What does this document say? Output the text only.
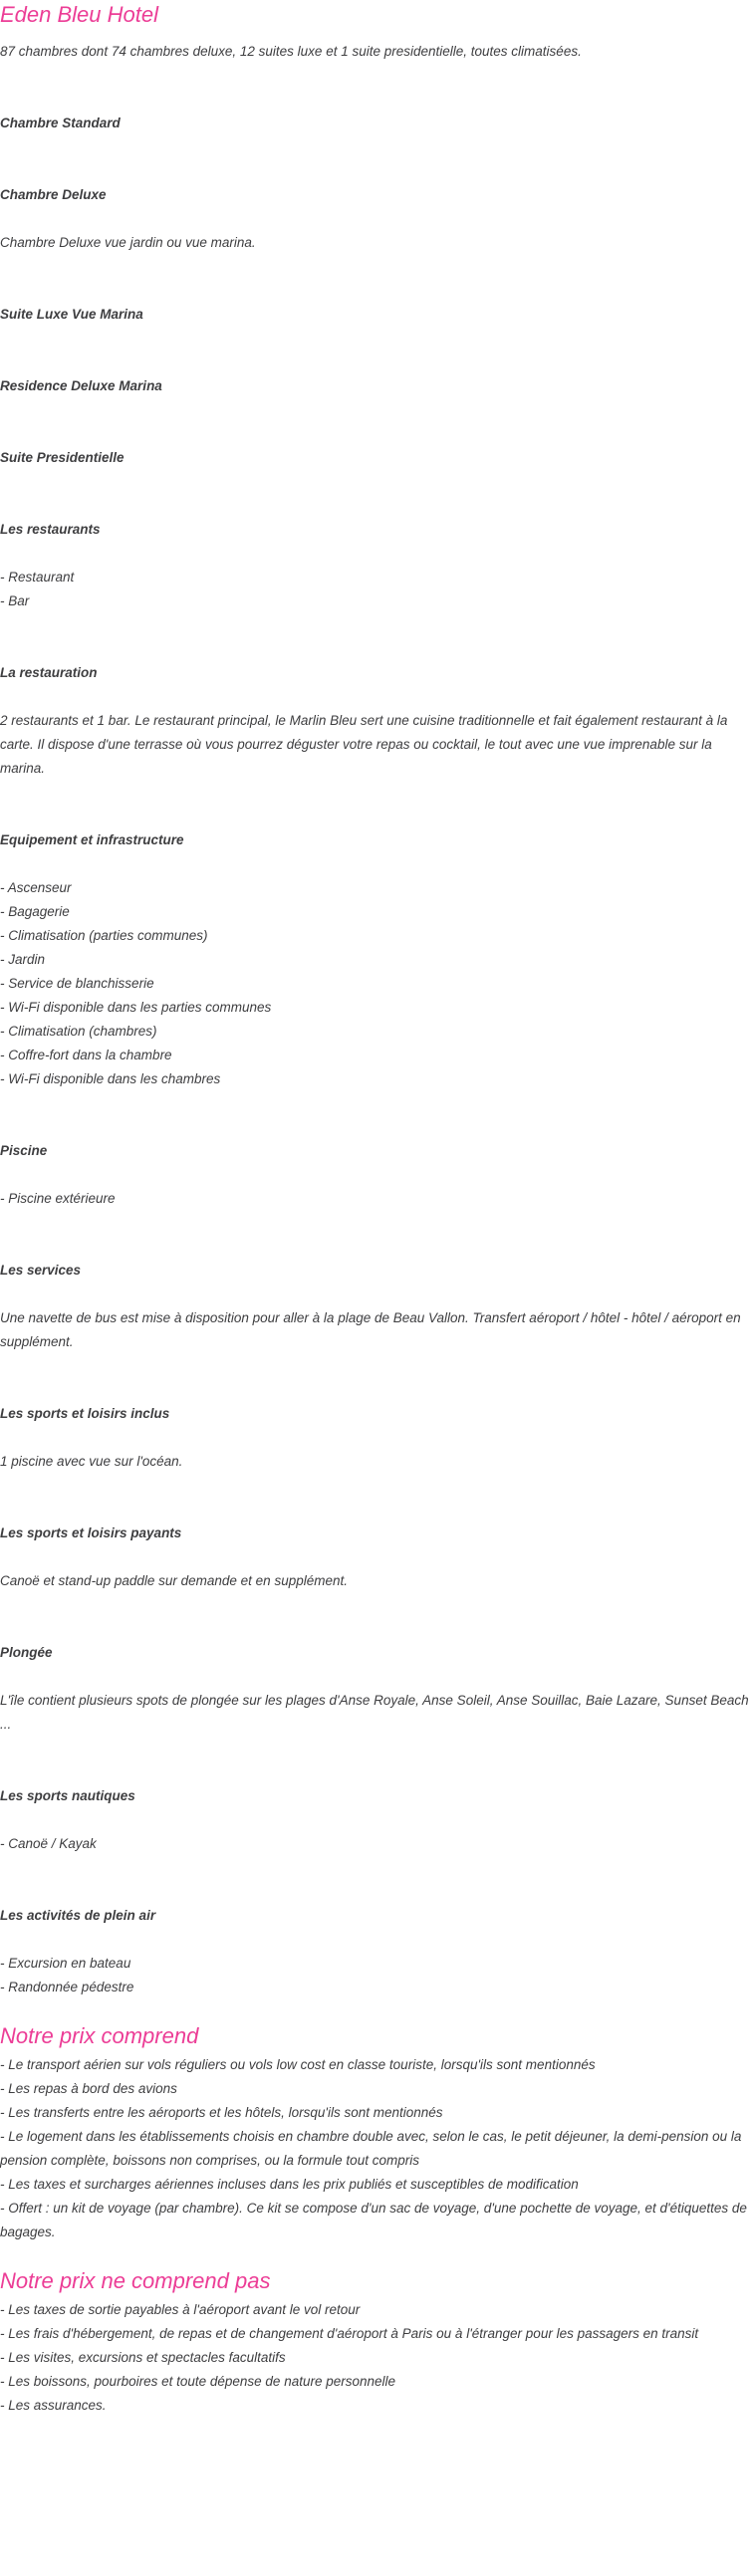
Eden Bleu Hotel

87 chambres dont 74 chambres deluxe, 12 suites luxe et 1 suite presidentielle, toutes climatisées.

Chambre Standard
Chambre Deluxe

Chambre Deluxe vue jardin ou vue marina.

Suite Luxe Vue Marina
Residence Deluxe Marina
Suite Presidentielle
Les restaurants
- Restaurant
- Bar
La restauration

2 restaurants et 1 bar. Le restaurant principal, le Marlin Bleu sert une cuisine traditionnelle et fait également restaurant à la carte. Il dispose d'une terrasse où vous pourrez déguster votre repas ou cocktail, le tout avec une vue imprenable sur la marina.

Equipement et infrastructure
- Ascenseur
- Bagagerie
- Climatisation (parties communes)
- Jardin
- Service de blanchisserie
- Wi-Fi disponible dans les parties communes
- Climatisation (chambres)
- Coffre-fort dans la chambre
- Wi-Fi disponible dans les chambres
Piscine
- Piscine extérieure
Les services

Une navette de bus est mise à disposition pour aller à la plage de Beau Vallon. Transfert aéroport / hôtel - hôtel / aéroport en supplément.

Les sports et loisirs inclus

1 piscine avec vue sur l'océan.

Les sports et loisirs payants

Canoë et stand-up paddle sur demande et en supplément.

Plongée

L'île contient plusieurs spots de plongée sur les plages d'Anse Royale, Anse Soleil, Anse Souillac, Baie Lazare, Sunset Beach ...

Les sports nautiques
- Canoë / Kayak
Les activités de plein air
- Excursion en bateau
- Randonnée pédestre
Notre prix comprend
- Le transport aérien sur vols réguliers ou vols low cost en classe touriste, lorsqu'ils sont mentionnés
- Les repas à bord des avions
- Les transferts entre les aéroports et les hôtels, lorsqu'ils sont mentionnés
- Le logement dans les établissements choisis en chambre double avec, selon le cas, le petit déjeuner, la demi-pension ou la pension complète, boissons non comprises, ou la formule tout compris
- Les taxes et surcharges aériennes incluses dans les prix publiés et susceptibles de modification
- Offert : un kit de voyage (par chambre). Ce kit se compose d'un sac de voyage, d'une pochette de voyage, et d'étiquettes de bagages.
Notre prix ne comprend pas
- Les taxes de sortie payables à l'aéroport avant le vol retour
- Les frais d'hébergement, de repas et de changement d'aéroport à Paris ou à l'étranger pour les passagers en transit
- Les visites, excursions et spectacles facultatifs
- Les boissons, pourboires et toute dépense de nature personnelle
- Les assurances.
